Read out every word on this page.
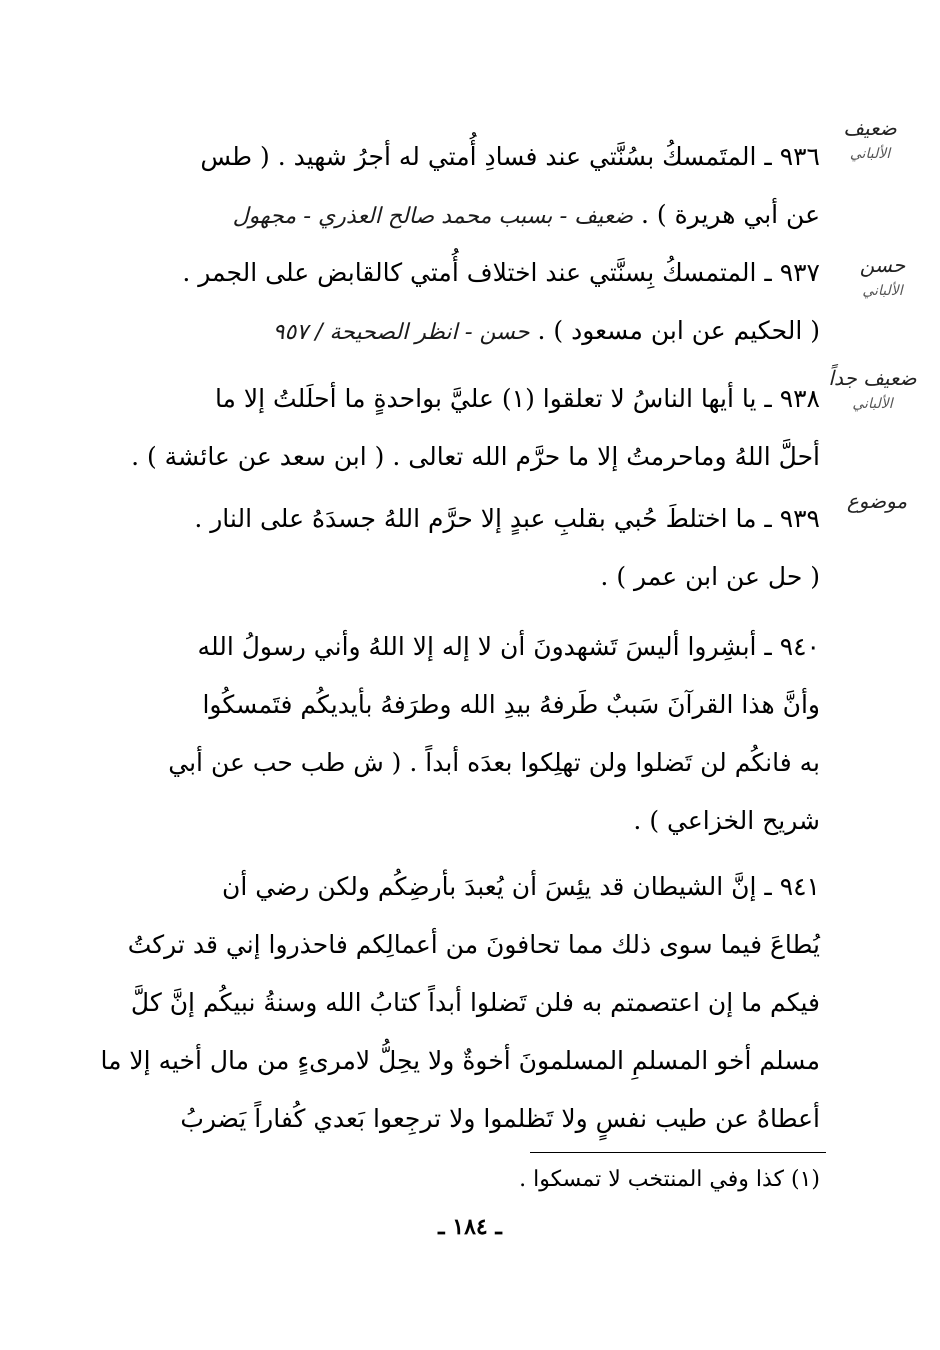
ضعيف
الألباني
حسن
الألباني
ضعيف جداً
الألباني
موضوع
٩٣٦ ـ المتَمسكُ بسُنَّتي عند فسادِ أُمتي له أجرُ شهيد . ( طس
عن أبي هريرة ) . ضعيف - بسبب محمد صالح العذري - مجهول
٩٣٧ ـ المتمسكُ بِسنَّتي عند اختلاف أُمتي كالقابض على الجمر .
( الحكيم عن ابن مسعود ) . حسن - انظر الصحيحة / ٩٥٧
٩٣٨ ـ يا أيها الناسُ لا تعلقوا (١) عليَّ بواحدةٍ ما أحلَلتُ إلا ما
أحلَّ اللهُ وماحرمتُ إلا ما حرَّم الله تعالى . ( ابن سعد عن عائشة ) .
٩٣٩ ـ ما اختلطَ حُبي بقلبِ عبدٍ إلا حرَّم اللهُ جسدَهُ على النار .
( حل عن ابن عمر ) .
٩٤٠ ـ أبشِروا أليسَ تَشهدونَ أن لا إله إلا اللهُ وأني رسولُ الله
وأنَّ هذا القرآنَ سَببٌ طَرفهُ بيدِ الله وطرَفهُ بأيديكُم فتَمسكُوا
به فانكُم لن تَضلوا ولن تهلِكوا بعدَه أبداً . ( ش طب حب عن أبي
شريح الخزاعي ) .
٩٤١ ـ إنَّ الشيطان قد يئِسَ أن يُعبدَ بأرضِكُم ولكن رضي أن
يُطاعَ فيما سوى ذلك مما تحافونَ من أعمالِكم فاحذروا إني قد تركتُ
فيكم ما إن اعتصمتم به فلن تَضلوا أبداً كتابُ الله وسنةُ نبيكُم إنَّ كلَّ
مسلم أخو المسلمِ المسلمونَ أخوةٌ ولا يحِلُّ لامرىءٍ من مال أخيه إلا ما
أعطاهُ عن طيب نفسٍ ولا تَظلموا ولا ترجِعوا بَعدي كُفاراً يَضربُ
(١) كذا وفي المنتخب لا تمسكوا .
ـ ١٨٤ ـ
